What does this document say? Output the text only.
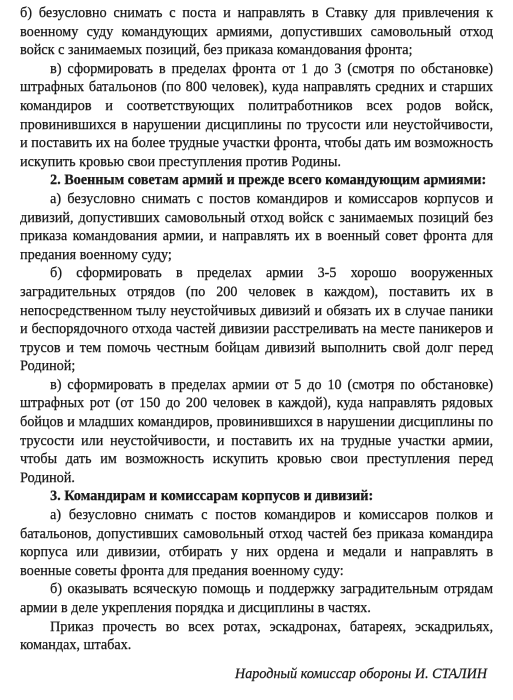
б) безусловно снимать с поста и направлять в Ставку для привлечения к военному суду командующих армиями, допустивших самовольный отход войск с занимаемых позиций, без приказа командования фронта;

в) сформировать в пределах фронта от 1 до 3 (смотря по обстановке) штрафных батальонов (по 800 человек), куда направлять средних и старших командиров и соответствующих политработников всех родов войск, провинившихся в нарушении дисциплины по трусости или неустойчивости, и поставить их на более трудные участки фронта, чтобы дать им возможность искупить кровью свои преступления против Родины.

2. Военным советам армий и прежде всего командующим армиями:

а) безусловно снимать с постов командиров и комиссаров корпусов и дивизий, допустивших самовольный отход войск с занимаемых позиций без приказа командования армии, и направлять их в военный совет фронта для предания военному суду;

б) сформировать в пределах армии 3-5 хорошо вооруженных заградительных отрядов (по 200 человек в каждом), поставить их в непосредственном тылу неустойчивых дивизий и обязать их в случае паники и беспорядочного отхода частей дивизии расстреливать на месте паникеров и трусов и тем помочь честным бойцам дивизий выполнить свой долг перед Родиной;

в) сформировать в пределах армии от 5 до 10 (смотря по обстановке) штрафных рот (от 150 до 200 человек в каждой), куда направлять рядовых бойцов и младших командиров, провинившихся в нарушении дисциплины по трусости или неустойчивости, и поставить их на трудные участки армии, чтобы дать им возможность искупить кровью свои преступления перед Родиной.

3. Командирам и комиссарам корпусов и дивизий:

а) безусловно снимать с постов командиров и комиссаров полков и батальонов, допустивших самовольный отход частей без приказа командира корпуса или дивизии, отбирать у них ордена и медали и направлять в военные советы фронта для предания военному суду:

б) оказывать всяческую помощь и поддержку заградительным отрядам армии в деле укрепления порядка и дисциплины в частях.

Приказ прочесть во всех ротах, эскадронах, батареях, эскадрильях, командах, штабах.

Народный комиссар обороны И. СТАЛИН
